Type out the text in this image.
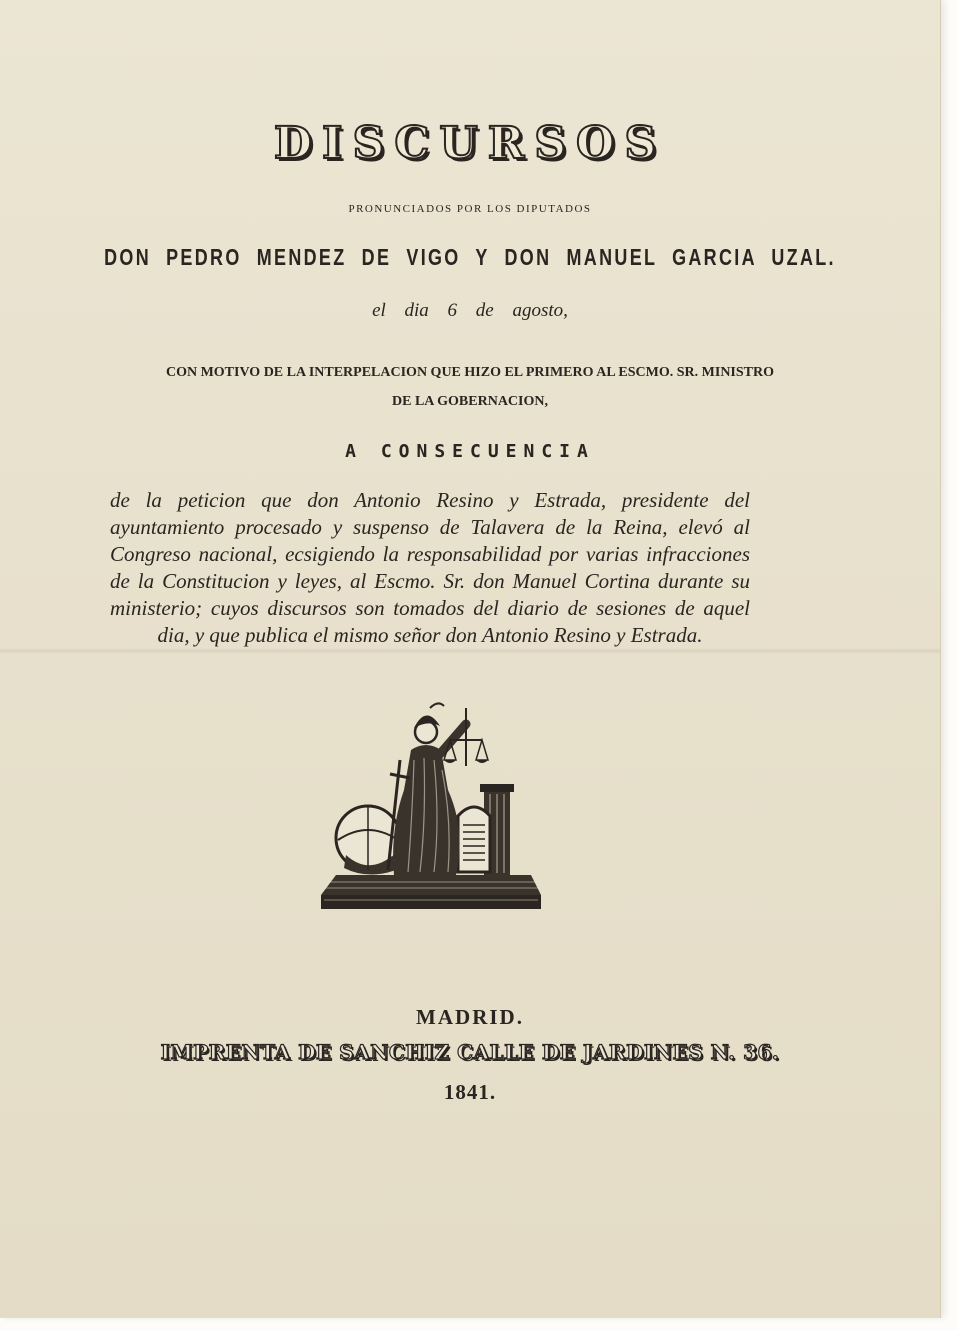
DISCURSOS
PRONUNCIADOS POR LOS DIPUTADOS
DON PEDRO MENDEZ DE VIGO Y DON MANUEL GARCIA UZAL.
el dia 6 de agosto,
CON MOTIVO DE LA INTERPELACION QUE HIZO EL PRIMERO AL ESCMO. SR. MINISTRO
DE LA GOBERNACION,
A CONSECUENCIA
de la peticion que don Antonio Resino y Estrada, presidente del ayuntamiento procesado y suspenso de Talavera de la Reina, elevó al Congreso nacional, ecsigiendo la responsabilidad por varias infracciones de la Constitucion y leyes, al Escmo. Sr. don Manuel Cortina durante su ministerio; cuyos discursos son tomados del diario de sesiones de aquel dia, y que publica el mismo señor don Antonio Resino y Estrada.
MADRID.
IMPRENTA DE SANCHIZ CALLE DE JARDINES N. 36.
1841.
